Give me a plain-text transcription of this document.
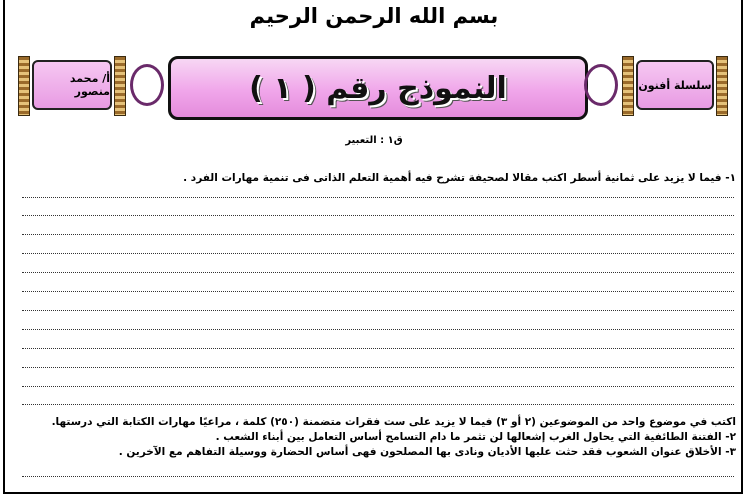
بسم الله الرحمن الرحيم
أ/ محمد منصور	النموذج رقم ( ١ )	سلسلة أفنون
ق١ : التعبير
١- فيما لا يزيد على ثمانية أسطر اكتب مقالا لصحيفة تشرح فيه أهمية التعلم الذاتى فى تنمية مهارات الفرد .
اكتب في موضوع واحد من الموضوعين (٢ أو ٣) فيما لا يزيد على ست فقرات متضمنة (٢٥٠) كلمة ، مراعيًا مهارات الكتابة التي درستها.
٢- الفتنة الطائفية التي يحاول الغرب إشعالها لن تثمر ما دام التسامح أساس التعامل بين أبناء الشعب .
٣- الأخلاق عنوان الشعوب فقد حثت عليها الأديان ونادى بها المصلحون فهى أساس الحضارة ووسيلة التفاهم مع الآخرين .
